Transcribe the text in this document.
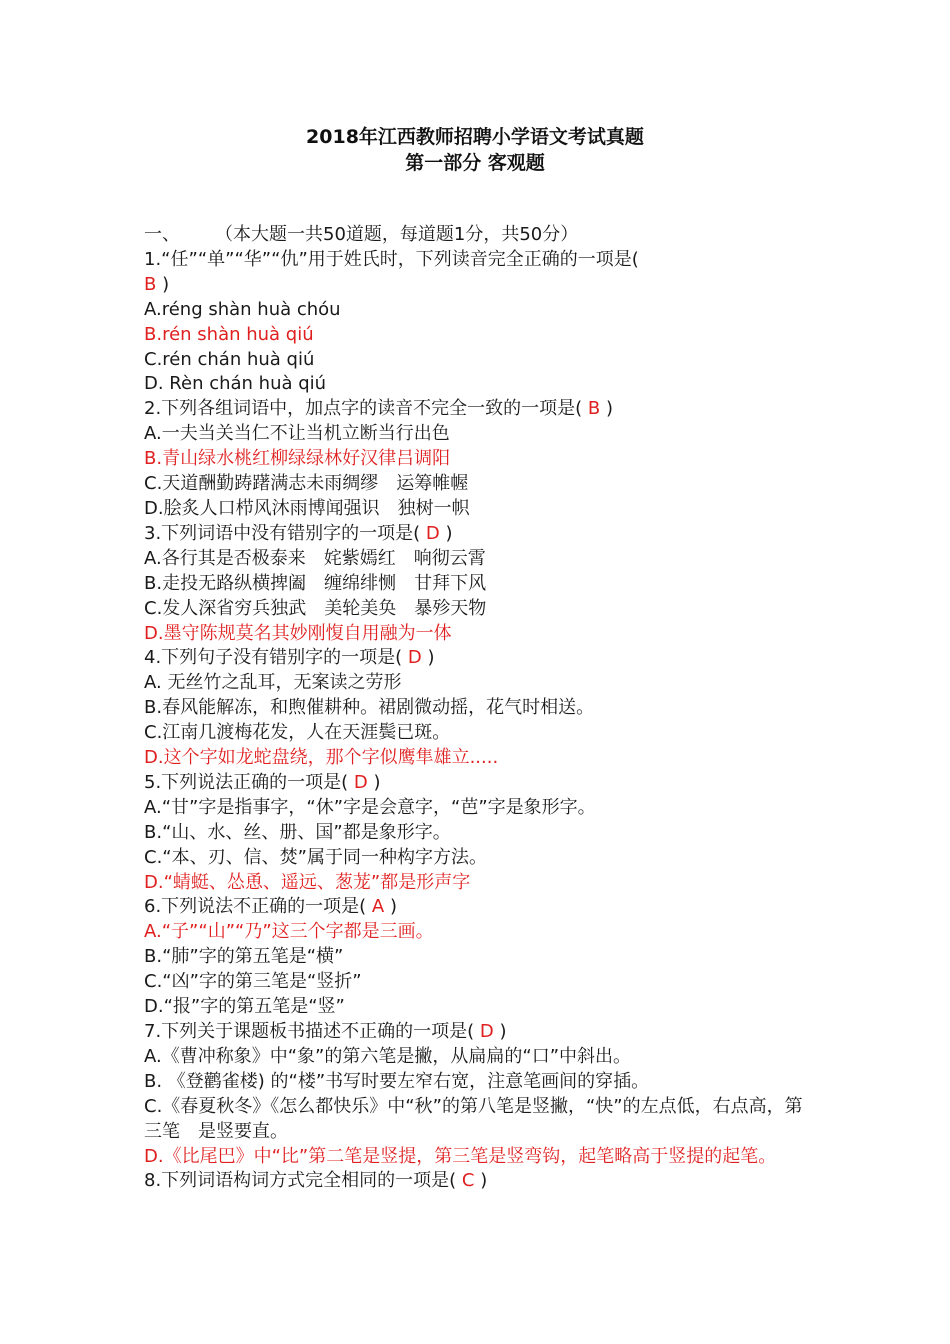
2018年江西教师招聘小学语文考试真题
第一部分 客观题
一、 （本大题一共50道题，每道题1分，共50分）
1.“任”“单”“华”“仇”用于姓氏时，下列读音完全正确的一项是(
B )
A.réng shàn huà chóu
B.rén shàn huà qiú
C.rén chán huà qiú
D. Rèn chán huà qiú
2.下列各组词语中，加点字的读音不完全一致的一项是( B )
A.一夫当关当仁不让当机立断当行出色
B.青山绿水桃红柳绿绿林好汉律吕调阳
C.天道酬勤踌躇满志未雨绸缪　运筹帷幄
D.脍炙人口栉风沐雨博闻强识　独树一帜
3.下列词语中没有错别字的一项是( D )
A.各行其是否极泰来　姹紫嫣红　响彻云霄
B.走投无路纵横捭阖　缠绵绯恻　甘拜下风
C.发人深省穷兵独武　美轮美奂　暴殄天物
D.墨守陈规莫名其妙刚愎自用融为一体
4.下列句子没有错别字的一项是( D )
A. 无丝竹之乱耳，无案读之劳形
B.春风能解冻，和煦催耕种。裙剧微动摇，花气时相送。
C.江南几渡梅花发，人在天涯鬓已斑。
D.这个字如龙蛇盘绕，那个字似鹰隼雄立.....
5.下列说法正确的一项是( D )
A.“甘”字是指事字，“休”字是会意字，“芭”字是象形字。
B.“山、水、丝、册、国”都是象形字。
C.“本、刃、信、焚”属于同一种构字方法。
D.“蜻蜓、怂恿、遥远、葱茏”都是形声字
6.下列说法不正确的一项是( A )
A.“子”“山”“乃”这三个字都是三画。
B.“肺”字的第五笔是“横”
C.“凶”字的第三笔是“竖折”
D.“报”字的第五笔是“竖”
7.下列关于课题板书描述不正确的一项是( D )
A.《曹冲称象》中“象”的第六笔是撇，从扁扁的“口”中斜出。
B. 《登鹳雀楼) 的“楼”书写时要左窄右宽，注意笔画间的穿插。
C.《春夏秋冬》《怎么都快乐》中“秋”的第八笔是竖撇，“快”的左点低，右点高，第三笔　是竖要直。
D.《比尾巴》中“比”第二笔是竖提，第三笔是竖弯钩，起笔略高于竖提的起笔。
8.下列词语构词方式完全相同的一项是( C )
